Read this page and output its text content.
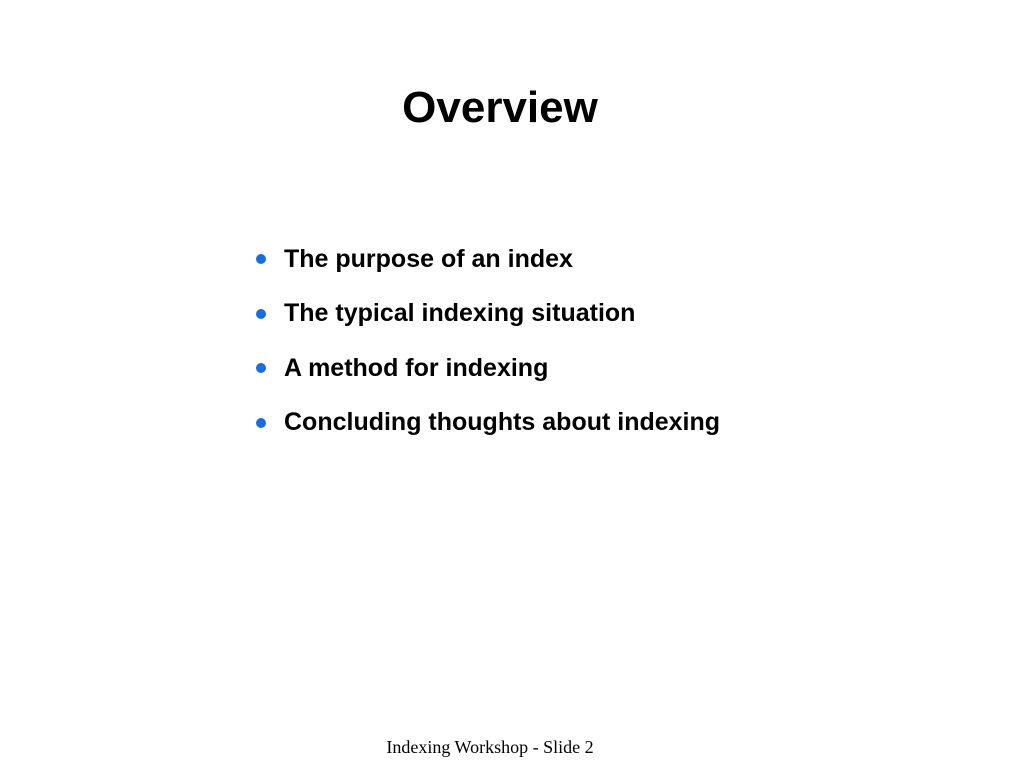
Overview
The purpose of an index
The typical indexing situation
A method for indexing
Concluding thoughts about indexing
Indexing Workshop - Slide 2
